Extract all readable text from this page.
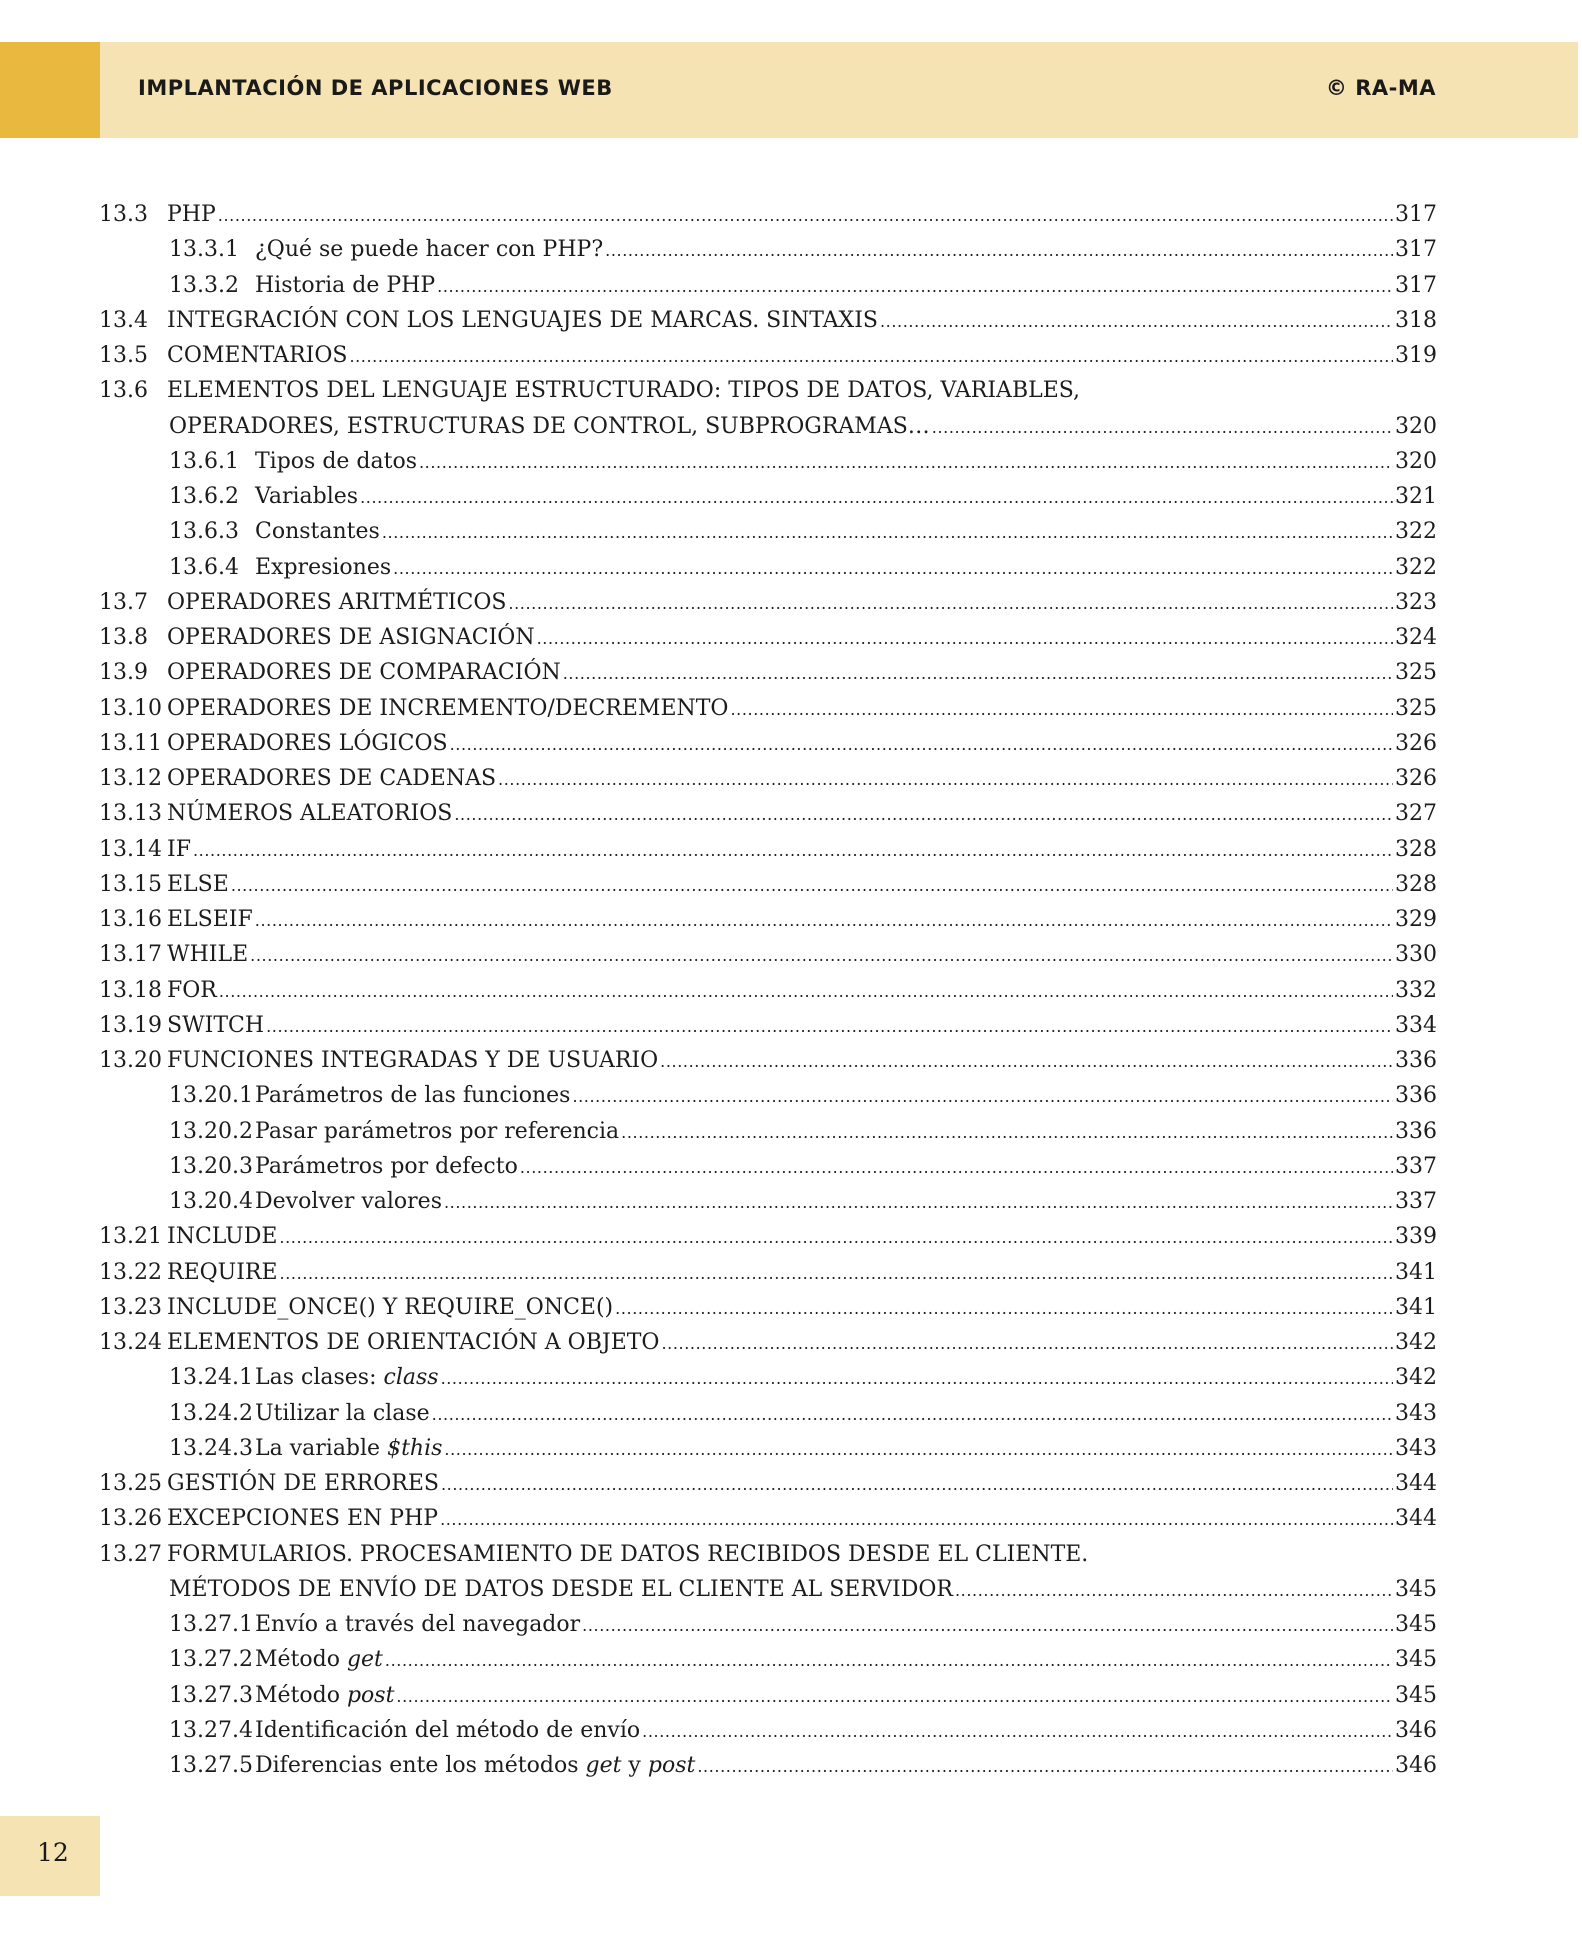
IMPLANTACIÓN DE APLICACIONES WEB	© RA-MA
13.3 PHP .....	317
13.3.1 ¿Qué se puede hacer con PHP? .....	317
13.3.2 Historia de PHP .....	317
13.4 INTEGRACIÓN CON LOS LENGUAJES DE MARCAS. SINTAXIS .....	318
13.5 COMENTARIOS .....	319
13.6 ELEMENTOS DEL LENGUAJE ESTRUCTURADO: TIPOS DE DATOS, VARIABLES,
OPERADORES, ESTRUCTURAS DE CONTROL, SUBPROGRAMAS… .....	320
13.6.1 Tipos de datos .....	320
13.6.2 Variables .....	321
13.6.3 Constantes .....	322
13.6.4 Expresiones .....	322
13.7 OPERADORES ARITMÉTICOS .....	323
13.8 OPERADORES DE ASIGNACIÓN .....	324
13.9 OPERADORES DE COMPARACIÓN .....	325
13.10 OPERADORES DE INCREMENTO/DECREMENTO .....	325
13.11 OPERADORES LÓGICOS .....	326
13.12 OPERADORES DE CADENAS .....	326
13.13 NÚMEROS ALEATORIOS .....	327
13.14 IF .....	328
13.15 ELSE .....	328
13.16 ELSEIF .....	329
13.17 WHILE .....	330
13.18 FOR .....	332
13.19 SWITCH .....	334
13.20 FUNCIONES INTEGRADAS Y DE USUARIO .....	336
13.20.1 Parámetros de las funciones .....	336
13.20.2 Pasar parámetros por referencia .....	336
13.20.3 Parámetros por defecto .....	337
13.20.4 Devolver valores .....	337
13.21 INCLUDE .....	339
13.22 REQUIRE .....	341
13.23 INCLUDE_ONCE() Y REQUIRE_ONCE() .....	341
13.24 ELEMENTOS DE ORIENTACIÓN A OBJETO .....	342
13.24.1 Las clases: class .....	342
13.24.2 Utilizar la clase .....	343
13.24.3 La variable $this .....	343
13.25 GESTIÓN DE ERRORES .....	344
13.26 EXCEPCIONES EN PHP .....	344
13.27 FORMULARIOS. PROCESAMIENTO DE DATOS RECIBIDOS DESDE EL CLIENTE.
MÉTODOS DE ENVÍO DE DATOS DESDE EL CLIENTE AL SERVIDOR .....	345
13.27.1 Envío a través del navegador .....	345
13.27.2 Método get .....	345
13.27.3 Método post .....	345
13.27.4 Identificación del método de envío .....	346
13.27.5 Diferencias ente los métodos get y post .....	346
12
